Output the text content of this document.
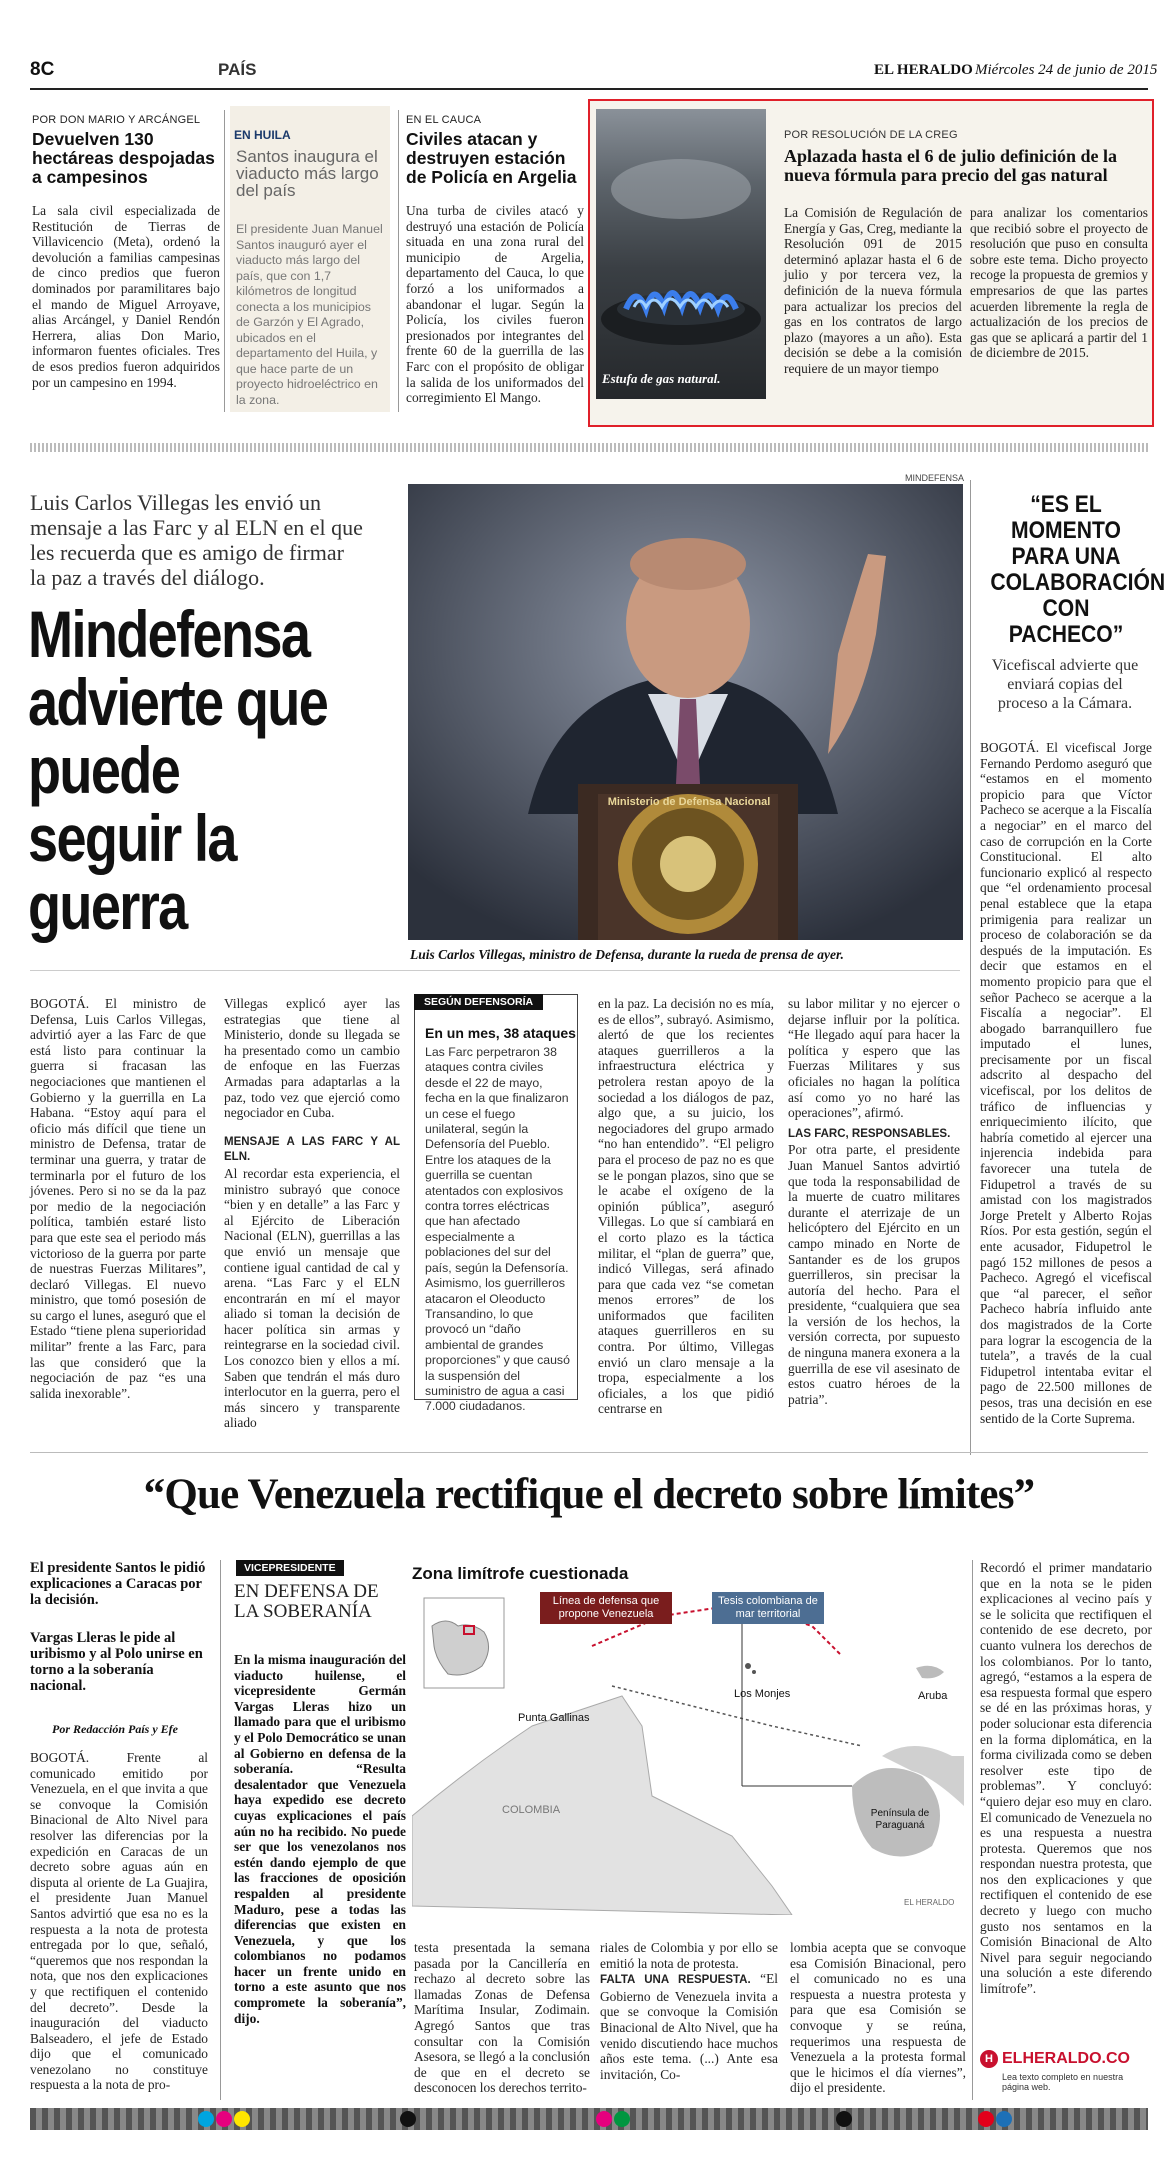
8C	PAÍS	EL HERALDO Miércoles 24 de junio de 2015
POR DON MARIO Y ARCÁNGEL
Devuelven 130 hectáreas despojadas a campesinos
La sala civil especializada de Restitución de Tierras de Villavicencio (Meta), ordenó la devolución a familias campesinas de cinco predios que fueron dominados por paramilitares bajo el mando de Miguel Arroyave, alias Arcángel, y Daniel Rendón Herrera, alias Don Mario, informaron fuentes oficiales. Tres de esos predios fueron adquiridos por un campesino en 1994.
EN HUILA
Santos inaugura el viaducto más largo del país
El presidente Juan Manuel Santos inauguró ayer el viaducto más largo del país, que con 1,7 kilómetros de longitud conecta a los municipios de Garzón y El Agrado, ubicados en el departamento del Huila, y que hace parte de un proyecto hidroeléctrico en la zona.
EN EL CAUCA
Civiles atacan y destruyen estación de Policía en Argelia
Una turba de civiles atacó y destruyó una estación de Policía situada en una zona rural del municipio de Argelia, departamento del Cauca, lo que forzó a los uniformados a abandonar el lugar. Según la Policía, los civiles fueron presionados por integrantes del frente 60 de la guerrilla de las Farc con el propósito de obligar la salida de los uniformados del corregimiento El Mango.
Estufa de gas natural.
POR RESOLUCIÓN DE LA CREG
Aplazada hasta el 6 de julio definición de la nueva fórmula para precio del gas natural
La Comisión de Regulación de Energía y Gas, Creg, mediante la Resolución 091 de 2015 determinó aplazar hasta el 6 de julio y por tercera vez, la definición de la nueva fórmula para actualizar los precios del gas en los contratos de largo plazo (mayores a un año). Esta decisión se debe a la comisión requiere de un mayor tiempo
para analizar los comentarios que recibió sobre el proyecto de resolución que puso en consulta sobre este tema. Dicho proyecto recoge la propuesta de gremios y empresarios de que las partes acuerden libremente la regla de actualización de los precios de gas que se aplicará a partir del 1 de diciembre de 2015.
Luis Carlos Villegas les envió un mensaje a las Farc y al ELN en el que les recuerda que es amigo de firmar la paz a través del diálogo.
Mindefensa advierte que puede seguir la guerra
MINDEFENSA
Ministerio de Defensa Nacional
Luis Carlos Villegas, ministro de Defensa, durante la rueda de prensa de ayer.
BOGOTÁ. El ministro de Defensa, Luis Carlos Villegas, advirtió ayer a las Farc de que está listo para continuar la guerra si fracasan las negociaciones que mantienen el Gobierno y la guerrilla en La Habana. “Estoy aquí para el oficio más difícil que tiene un ministro de Defensa, tratar de terminar una guerra, y tratar de terminarla por el futuro de los jóvenes. Pero si no se da la paz por medio de la negociación política, también estaré listo para que este sea el periodo más victorioso de la guerra por parte de nuestras Fuerzas Militares”, declaró Villegas. El nuevo ministro, que tomó posesión de su cargo el lunes, aseguró que el Estado “tiene plena superioridad militar” frente a las Farc, para las que consideró que la negociación de paz “es una salida inexorable”.

Villegas explicó ayer las estrategias que tiene al Ministerio, donde su llegada se ha presentado como un cambio de enfoque en las Fuerzas Armadas para adaptarlas a la paz, todo vez que ejerció como negociador en Cuba.

MENSAJE A LAS FARC Y AL ELN.

Al recordar esta experiencia, el ministro subrayó que conoce “bien y en detalle” a las Farc y al Ejército de Liberación Nacional (ELN), guerrillas a las que envió un mensaje que contiene igual cantidad de cal y arena. “Las Farc y el ELN encontrarán en mí el mayor aliado si toman la decisión de hacer política sin armas y reintegrarse en la sociedad civil. Los conozco bien y ellos a mí. Saben que tendrán el más duro interlocutor en la guerra, pero el más sincero y transparente aliado

SEGÚN DEFENSORÍA
En un mes, 38 ataques
Las Farc perpetraron 38 ataques contra civiles desde el 22 de mayo, fecha en la que finalizaron un cese el fuego unilateral, según la Defensoría del Pueblo. Entre los ataques de la guerrilla se cuentan atentados con explosivos contra torres eléctricas que han afectado especialmente a poblaciones del sur del país, según la Defensoría. Asimismo, los guerrilleros atacaron el Oleoducto Transandino, lo que provocó un “daño ambiental de grandes proporciones” y que causó la suspensión del suministro de agua a casi 7.000 ciudadanos.
en la paz. La decisión no es mía, es de ellos”, subrayó. Asimismo, alertó de que los recientes ataques guerrilleros a la infraestructura eléctrica y petrolera restan apoyo de la sociedad a los diálogos de paz, algo que, a su juicio, los negociadores del grupo armado “no han entendido”. “El peligro para el proceso de paz no es que se le pongan plazos, sino que se le acabe el oxígeno de la opinión pública”, aseguró Villegas. Lo que sí cambiará en el corto plazo es la táctica militar, el “plan de guerra” que, indicó Villegas, será afinado para que cada vez “se cometan menos errores” de los uniformados que faciliten ataques guerrilleros en su contra. Por último, Villegas envió un claro mensaje a la tropa, especialmente a los oficiales, a los que pidió centrarse en

su labor militar y no ejercer o dejarse influir por la política. “He llegado aquí para hacer la política y espero que las Fuerzas Militares y sus oficiales no hagan la política así como yo no haré las operaciones”, afirmó.

LAS FARC, RESPONSABLES.

Por otra parte, el presidente Juan Manuel Santos advirtió que toda la responsabilidad de la muerte de cuatro militares durante el aterrizaje de un helicóptero del Ejército en un campo minado en Norte de Santander es de los grupos guerrilleros, sin precisar la autoría del hecho. Para el presidente, “cualquiera que sea la versión de los hechos, la versión correcta, por supuesto de ninguna manera exonera a la guerrilla de ese vil asesinato de estos cuatro héroes de la patria”.

“ES EL MOMENTO PARA UNA COLABORACIÓN CON PACHECO”
Vicefiscal advierte que enviará copias del proceso a la Cámara.
BOGOTÁ. El vicefiscal Jorge Fernando Perdomo aseguró que “estamos en el momento propicio para que Víctor Pacheco se acerque a la Fiscalía a negociar” en el marco del caso de corrupción en la Corte Constitucional. El alto funcionario explicó al respecto que “el ordenamiento procesal penal establece que la etapa primigenia para realizar un proceso de colaboración se da después de la imputación. Es decir que estamos en el momento propicio para que el señor Pacheco se acerque a la Fiscalía a negociar”. El abogado barranquillero fue imputado el lunes, precisamente por un fiscal adscrito al despacho del vicefiscal, por los delitos de tráfico de influencias y enriquecimiento ilícito, que habría cometido al ejercer una injerencia indebida para favorecer una tutela de Fidupetrol a través de su amistad con los magistrados Jorge Pretelt y Alberto Rojas Ríos. Por esta gestión, según el ente acusador, Fidupetrol le pagó 152 millones de pesos a Pacheco. Agregó el vicefiscal que “al parecer, el señor Pacheco habría influido ante dos magistrados de la Corte para lograr la escogencia de la tutela”, a través de la cual Fidupetrol intentaba evitar el pago de 22.500 millones de pesos, tras una decisión en ese sentido de la Corte Suprema.
“Que Venezuela rectifique el decreto sobre límites”
El presidente Santos le pidió explicaciones a Caracas por la decisión.
Vargas Lleras le pide al uribismo y al Polo unirse en torno a la soberanía nacional.
Por Redacción País y Efe
BOGOTÁ. Frente al comunicado emitido por Venezuela, en el que invita a que se convoque la Comisión Binacional de Alto Nivel para resolver las diferencias por la expedición en Caracas de un decreto sobre aguas aún en disputa al oriente de La Guajira, el presidente Juan Manuel Santos advirtió que esa no es la respuesta a la nota de protesta entregada por lo que, señaló, “queremos que nos respondan la nota, que nos den explicaciones y que rectifiquen el contenido del decreto”. Desde la inauguración del viaducto Balseadero, el jefe de Estado dijo que el comunicado venezolano no constituye respuesta a la nota de pro-
VICEPRESIDENTE
EN DEFENSA DE LA SOBERANÍA
En la misma inauguración del viaducto huilense, el vicepresidente Germán Vargas Lleras hizo un llamado para que el uribismo y el Polo Democrático se unan al Gobierno en defensa de la soberanía. “Resulta desalentador que Venezuela haya expedido ese decreto cuyas explicaciones el país aún no ha recibido. No puede ser que los venezolanos nos estén dando ejemplo de que las fracciones de oposición respalden al presidente Maduro, pese a todas las diferencias que existen en Venezuela, y que los colombianos no podamos hacer un frente unido en torno a este asunto que nos compromete la soberanía”, dijo.
Zona limítrofe cuestionada
Línea de defensa que propone Venezuela
Tesis colombiana de mar territorial
Los Monjes	Aruba
Punta Gallinas
COLOMBIA	Península de Paraguaná
EL HERALDO
testa presentada la semana pasada por la Cancillería en rechazo al decreto sobre las llamadas Zonas de Defensa Marítima Insular, Zodimain. Agregó Santos que tras consultar con la Comisión Asesora, se llegó a la conclusión de que en el decreto se desconocen los derechos territo-

riales de Colombia y por ello se emitió la nota de protesta.

FALTA UNA RESPUESTA. “El Gobierno de Venezuela invita a que se convoque la Comisión Binacional de Alto Nivel, que ha venido discutiendo hace muchos años este tema. (...) Ante esa invitación, Co-

lombia acepta que se convoque esa Comisión Binacional, pero el comunicado no es una respuesta a nuestra protesta y para que esa Comisión se convoque y se reúna, requerimos una respuesta de Venezuela a la protesta formal que le hicimos el día viernes”, dijo el presidente.
Recordó el primer mandatario que en la nota se le piden explicaciones al vecino país y se le solicita que rectifiquen el contenido de ese decreto, por cuanto vulnera los derechos de los colombianos. Por lo tanto, agregó, “estamos a la espera de esa respuesta formal que espero se dé en las próximas horas, y poder solucionar esta diferencia en la forma diplomática, en la forma civilizada como se deben resolver este tipo de problemas”. Y concluyó: “quiero dejar eso muy en claro. El comunicado de Venezuela no es una respuesta a nuestra protesta. Queremos que nos respondan nuestra protesta, que nos den explicaciones y que rectifiquen el contenido de ese decreto y luego con mucho gusto nos sentamos en la Comisión Binacional de Alto Nivel para seguir negociando una solución a este diferendo limítrofe”.
H ELHERALDO.CO
Lea texto completo en nuestra página web.
